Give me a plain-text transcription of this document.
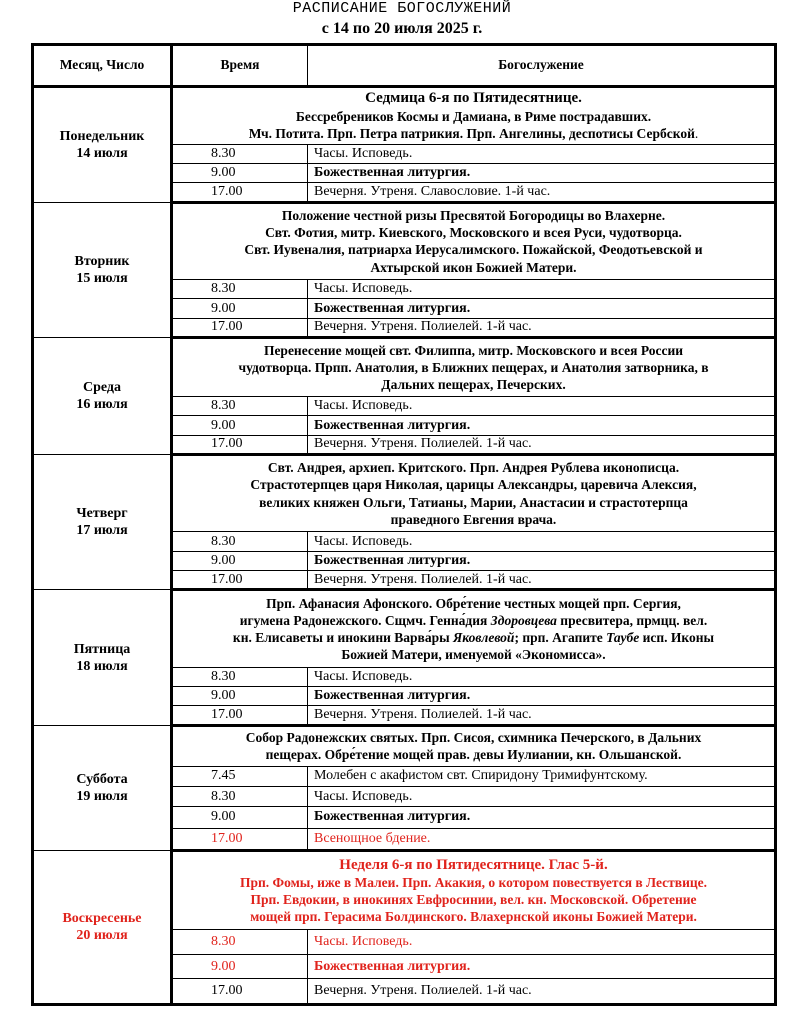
РАСПИСАНИЕ БОГОСЛУЖЕНИЙ
с 14 по 20 июля 2025 г.
Месяц, Число	Время	Богослужение
Понедельник
14 июля	Седмица 6-я по Пятидесятнице.
Бессребреников Космы и Дамиана, в Риме пострадавших.
Мч. Потита. Прп. Петра патрикия. Прп. Ангелины, деспотисы Сербской.	
	8.30	Часы. Исповедь.
	9.00	Божественная литургия.
	17.00	Вечерня. Утреня. Славословие. 1-й час.
Вторник
15 июля	Положение честной ризы Пресвятой Богородицы во Влахерне.
Свт. Фотия, митр. Киевского, Московского и всея Руси, чудотворца.
Свт. Иувеналия, патриарха Иерусалимского. Пожайской, Феодотьевской и
Ахтырской икон Божией Матери.	
	8.30	Часы. Исповедь.
	9.00	Божественная литургия.
	17.00	Вечерня. Утреня. Полиелей. 1-й час.
Среда
16 июля	Перенесение мощей свт. Филиппа, митр. Московского и всея России
чудотворца. Прпп. Анатолия, в Ближних пещерах, и Анатолия затворника, в
Дальних пещерах, Печерских.	
	8.30	Часы. Исповедь.
	9.00	Божественная литургия.
	17.00	Вечерня. Утреня. Полиелей. 1-й час.
Четверг
17 июля	Свт. Андрея, архиеп. Критского. Прп. Андрея Рублева иконописца.
Страстотерпцев царя Николая, царицы Александры, царевича Алексия,
великих княжен Ольги, Татианы, Марии, Анастасии и страстотерпца
праведного Евгения врача.	
	8.30	Часы. Исповедь.
	9.00	Божественная литургия.
	17.00	Вечерня. Утреня. Полиелей. 1-й час.
Пятница
18 июля	Прп. Афанасия Афонского. Обре́тение честных мощей прп. Сергия,
игумена Радонежского. Сщмч. Генна́дия Здоровцева пресвитера, прмцц. вел.
кн. Елисаветы и инокини Варва́ры Яковлевой; прп. Агапите Таубе исп. Иконы
Божией Матери, именуемой «Экономисса».	
	8.30	Часы. Исповедь.
	9.00	Божественная литургия.
	17.00	Вечерня. Утреня. Полиелей. 1-й час.
Суббота
19 июля	Собор Радонежских святых. Прп. Сисоя, схимника Печерского, в Дальних
пещерах. Обре́тение мощей прав. девы Иулиании, кн. Ольшанской.	
	7.45	Молебен с акафистом свт. Спиридону Тримифунтскому.
	8.30	Часы. Исповедь.
	9.00	Божественная литургия.
	17.00	Всенощное бдение.
Воскресенье
20 июля	Неделя 6-я по Пятидесятнице. Глас 5-й.
Прп. Фомы, иже в Малеи. Прп. Акакия, о котором повествуется в Лествице.
Прп. Евдокии, в инокинях Евфросинии, вел. кн. Московской. Обретение
мощей прп. Герасима Болдинского. Влахернской иконы Божией Матери.	
	8.30	Часы. Исповедь.
	9.00	Божественная литургия.
	17.00	Вечерня. Утреня. Полиелей. 1-й час.
